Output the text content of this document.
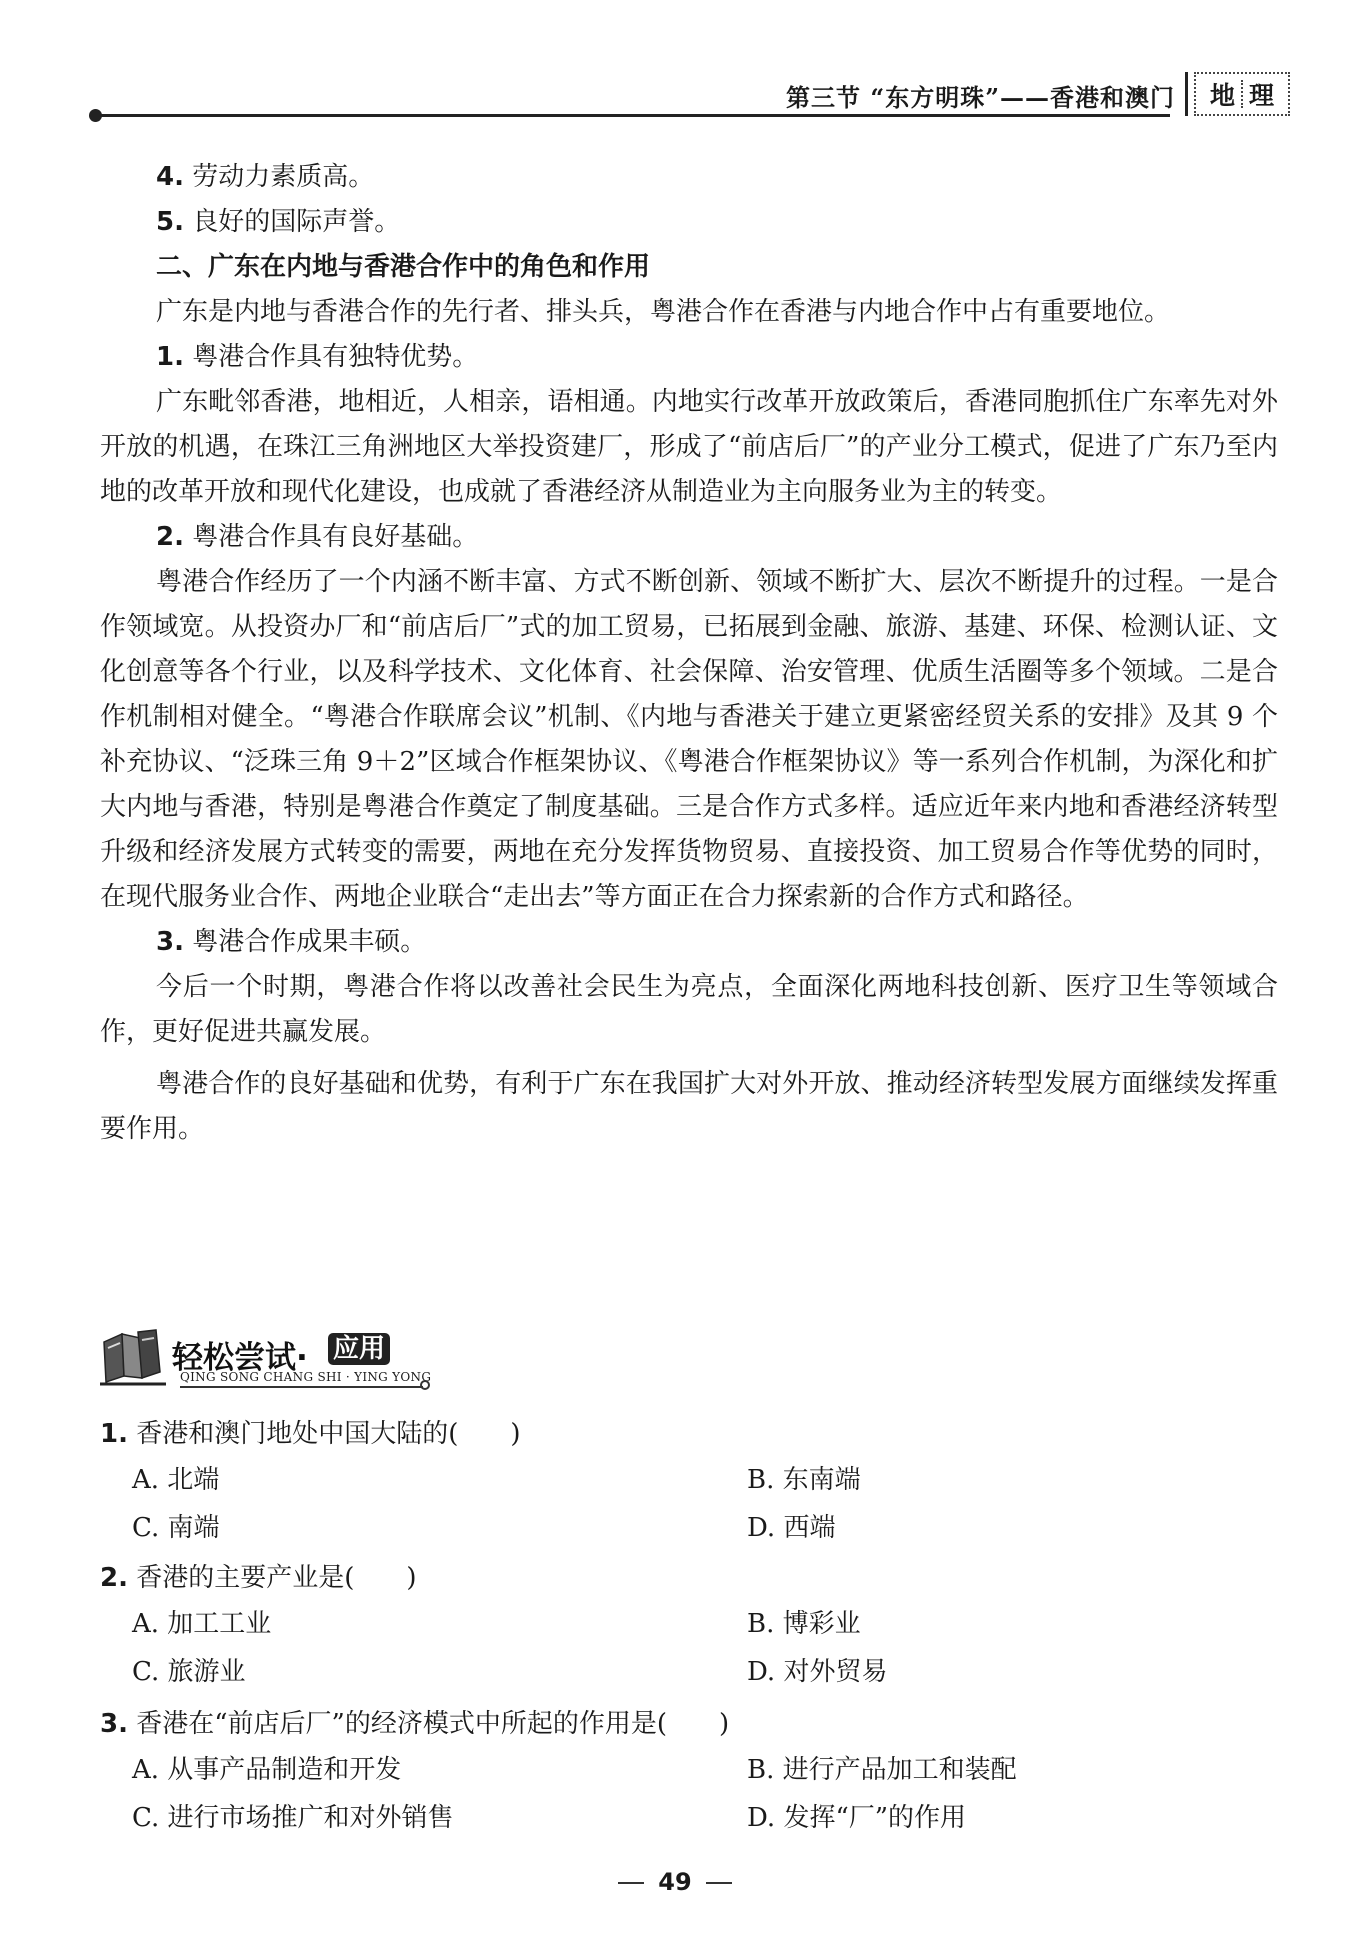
第三节 “东方明珠”——香港和澳门 地 理

4. 劳动力素质高。

5. 良好的国际声誉。

二、广东在内地与香港合作中的角色和作用

广东是内地与香港合作的先行者、排头兵，粤港合作在香港与内地合作中占有重要地位。

1. 粤港合作具有独特优势。

广东毗邻香港，地相近，人相亲，语相通。内地实行改革开放政策后，香港同胞抓住广东率先对外开放的机遇，在珠江三角洲地区大举投资建厂，形成了“前店后厂”的产业分工模式，促进了广东乃至内地的改革开放和现代化建设，也成就了香港经济从制造业为主向服务业为主的转变。

2. 粤港合作具有良好基础。

粤港合作经历了一个内涵不断丰富、方式不断创新、领域不断扩大、层次不断提升的过程。一是合作领域宽。从投资办厂和“前店后厂”式的加工贸易，已拓展到金融、旅游、基建、环保、检测认证、文化创意等各个行业，以及科学技术、文化体育、社会保障、治安管理、优质生活圈等多个领域。二是合作机制相对健全。“粤港合作联席会议”机制、《内地与香港关于建立更紧密经贸关系的安排》及其 9 个补充协议、“泛珠三角 9＋2”区域合作框架协议、《粤港合作框架协议》等一系列合作机制，为深化和扩大内地与香港，特别是粤港合作奠定了制度基础。三是合作方式多样。适应近年来内地和香港经济转型升级和经济发展方式转变的需要，两地在充分发挥货物贸易、直接投资、加工贸易合作等优势的同时，在现代服务业合作、两地企业联合“走出去”等方面正在合力探索新的合作方式和路径。

3. 粤港合作成果丰硕。

今后一个时期，粤港合作将以改善社会民生为亮点，全面深化两地科技创新、医疗卫生等领域合作，更好促进共赢发展。

粤港合作的良好基础和优势，有利于广东在我国扩大对外开放、推动经济转型发展方面继续发挥重要作用。

轻松尝试· 应用
QING SONG CHANG SHI · YING YONG
1. 香港和澳门地处中国大陆的( )
A. 北端	B. 东南端
C. 南端	D. 西端
2. 香港的主要产业是( )
A. 加工工业	B. 博彩业
C. 旅游业	D. 对外贸易
3. 香港在“前店后厂”的经济模式中所起的作用是( )
A. 从事产品制造和开发	B. 进行产品加工和装配
C. 进行市场推广和对外销售	D. 发挥“厂”的作用
49
